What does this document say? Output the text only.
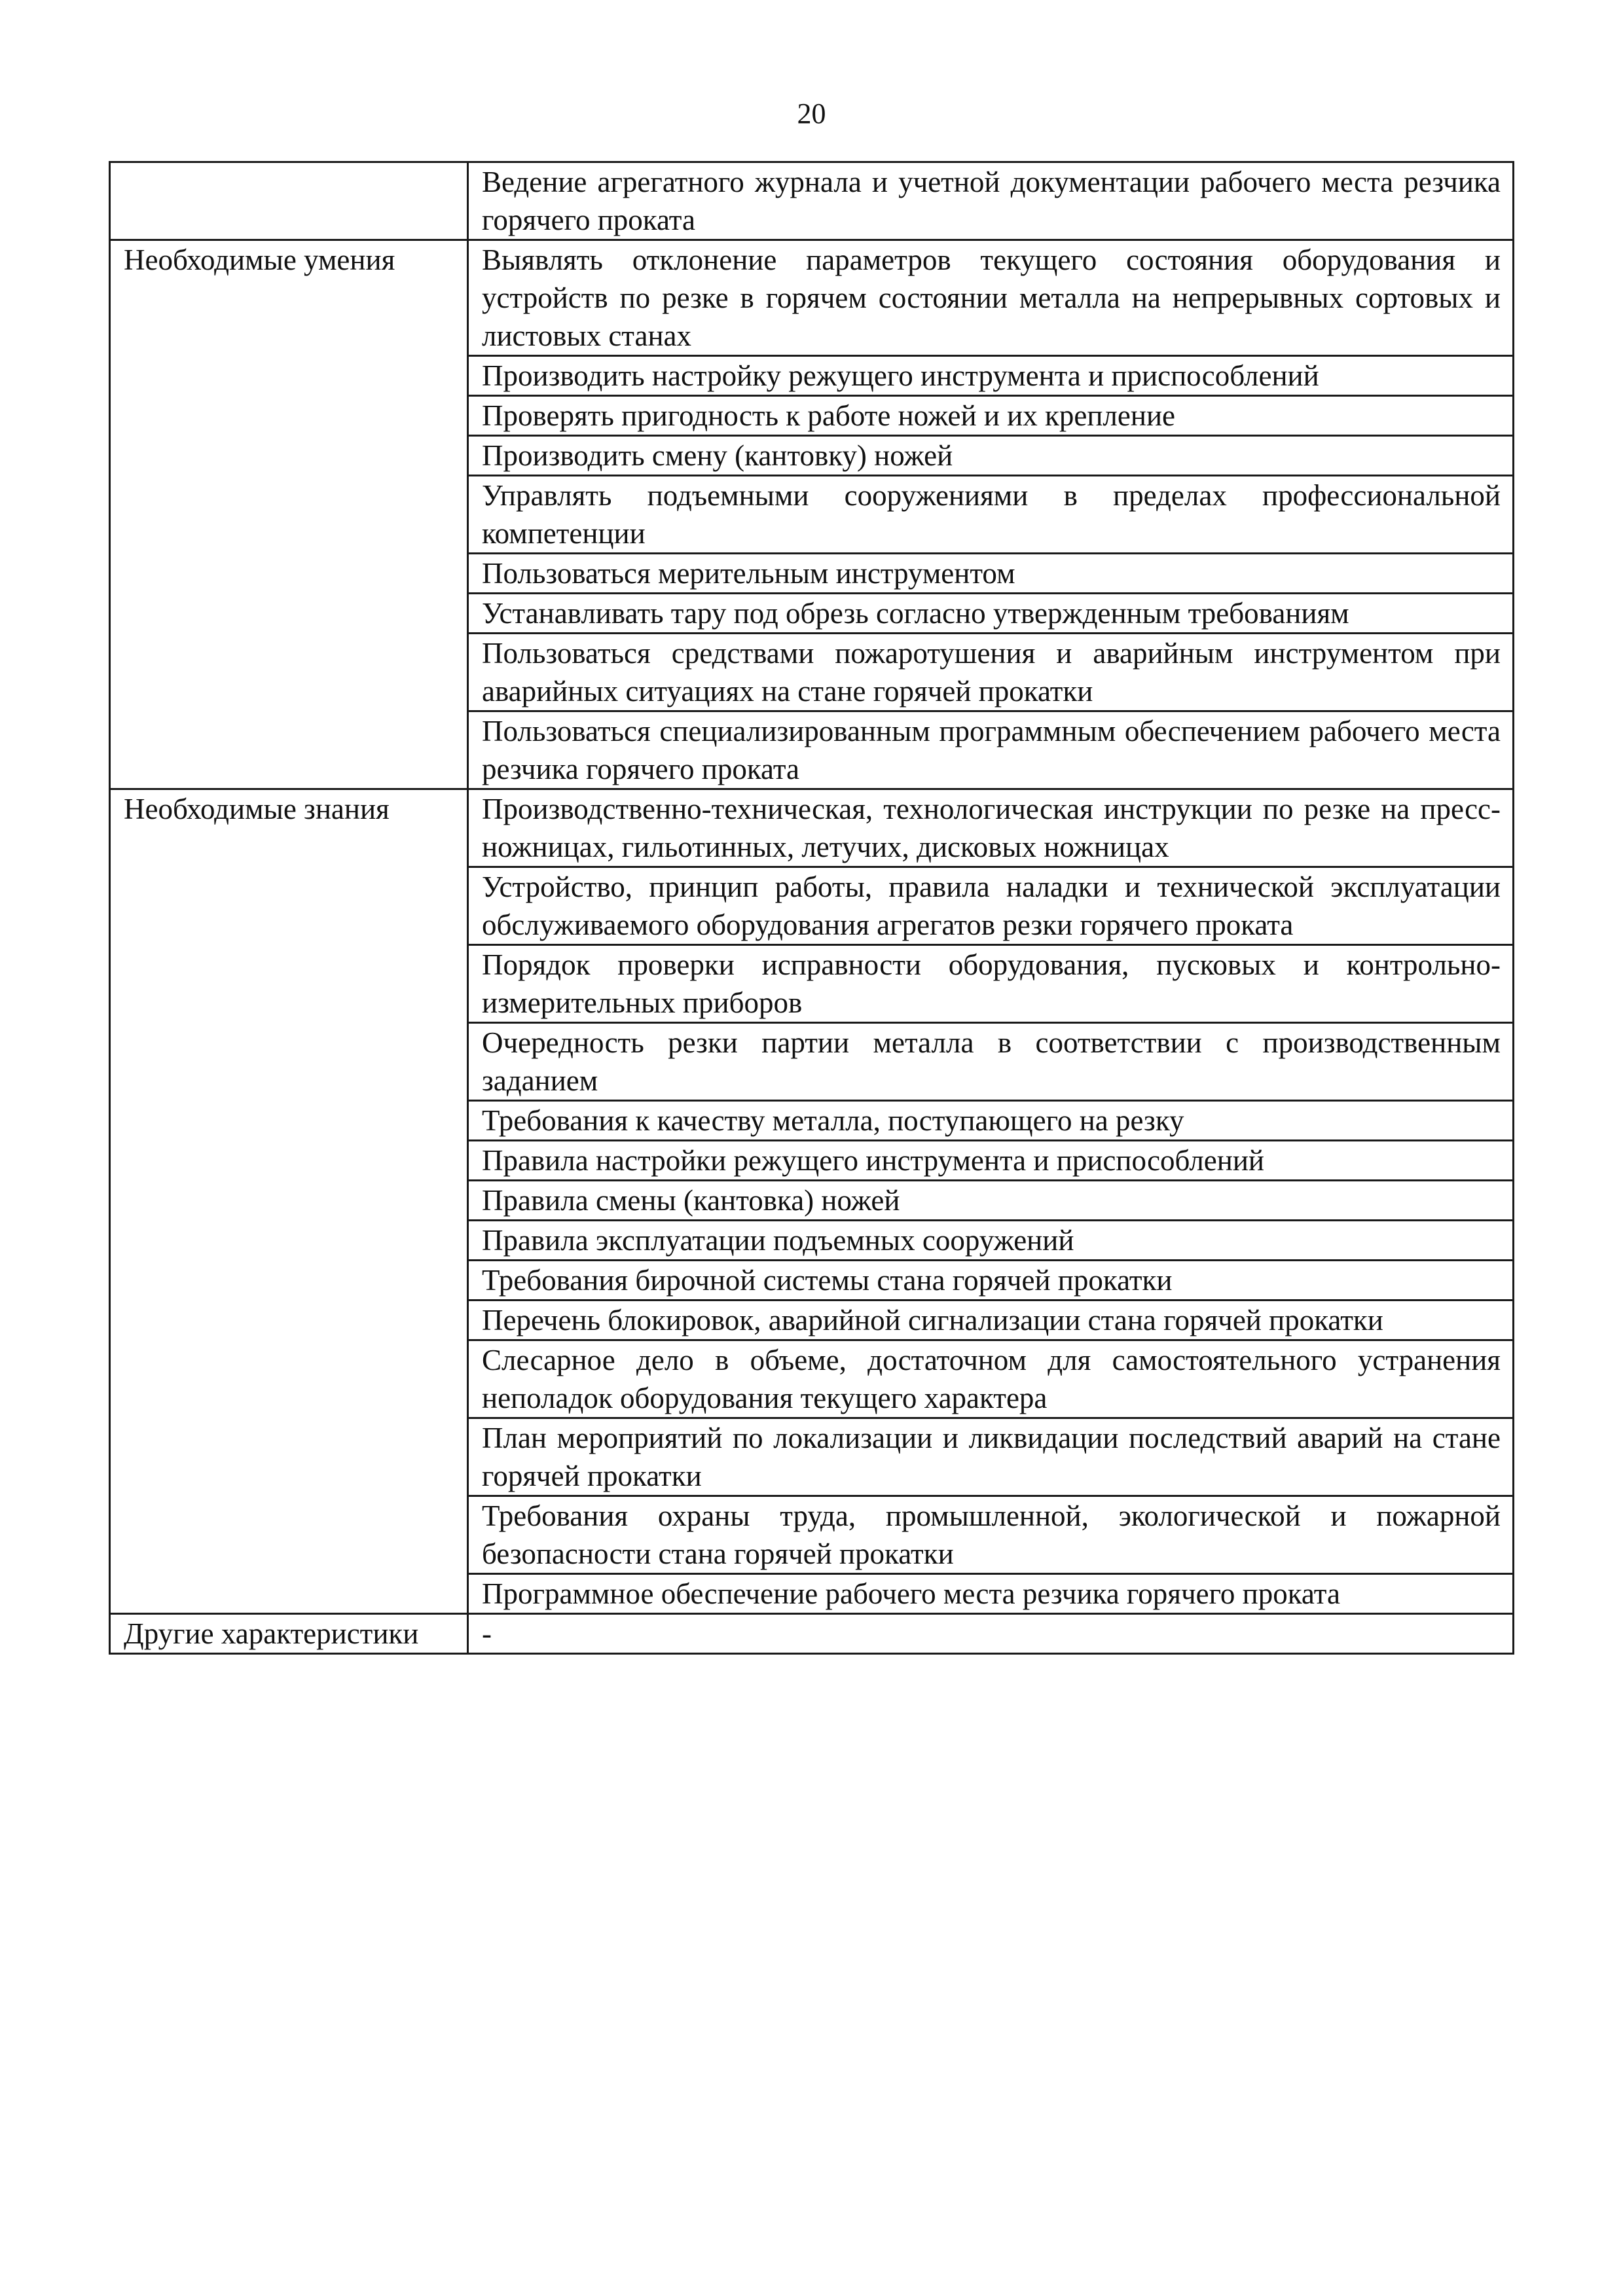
20
	Ведение агрегатного журнала и учетной документации рабочего места резчика горячего проката
Необходимые умения	Выявлять отклонение параметров текущего состояния оборудования и устройств по резке в горячем состоянии металла на непрерывных сортовых и листовых станах
	Производить настройку режущего инструмента и приспособлений
	Проверять пригодность к работе ножей и их крепление
	Производить смену (кантовку) ножей
	Управлять подъемными сооружениями в пределах профессиональной компетенции
	Пользоваться мерительным инструментом
	Устанавливать тару под обрезь согласно утвержденным требованиям
	Пользоваться средствами пожаротушения и аварийным инструментом при аварийных ситуациях на стане горячей прокатки
	Пользоваться специализированным программным обеспечением рабочего места резчика горячего проката
Необходимые знания	Производственно-техническая, технологическая инструкции по резке на пресс-ножницах, гильотинных, летучих, дисковых ножницах
	Устройство, принцип работы, правила наладки и технической эксплуатации обслуживаемого оборудования агрегатов резки горячего проката
	Порядок проверки исправности оборудования, пусковых и контрольно-измерительных приборов
	Очередность резки партии металла в соответствии с производственным заданием
	Требования к качеству металла, поступающего на резку
	Правила настройки режущего инструмента и приспособлений
	Правила смены (кантовка) ножей
	Правила эксплуатации подъемных сооружений
	Требования бирочной системы стана горячей прокатки
	Перечень блокировок, аварийной сигнализации стана горячей прокатки
	Слесарное дело в объеме, достаточном для самостоятельного устранения неполадок оборудования текущего характера
	План мероприятий по локализации и ликвидации последствий аварий на стане горячей прокатки
	Требования охраны труда, промышленной, экологической и пожарной безопасности стана горячей прокатки
	Программное обеспечение рабочего места резчика горячего проката
Другие характеристики	-
